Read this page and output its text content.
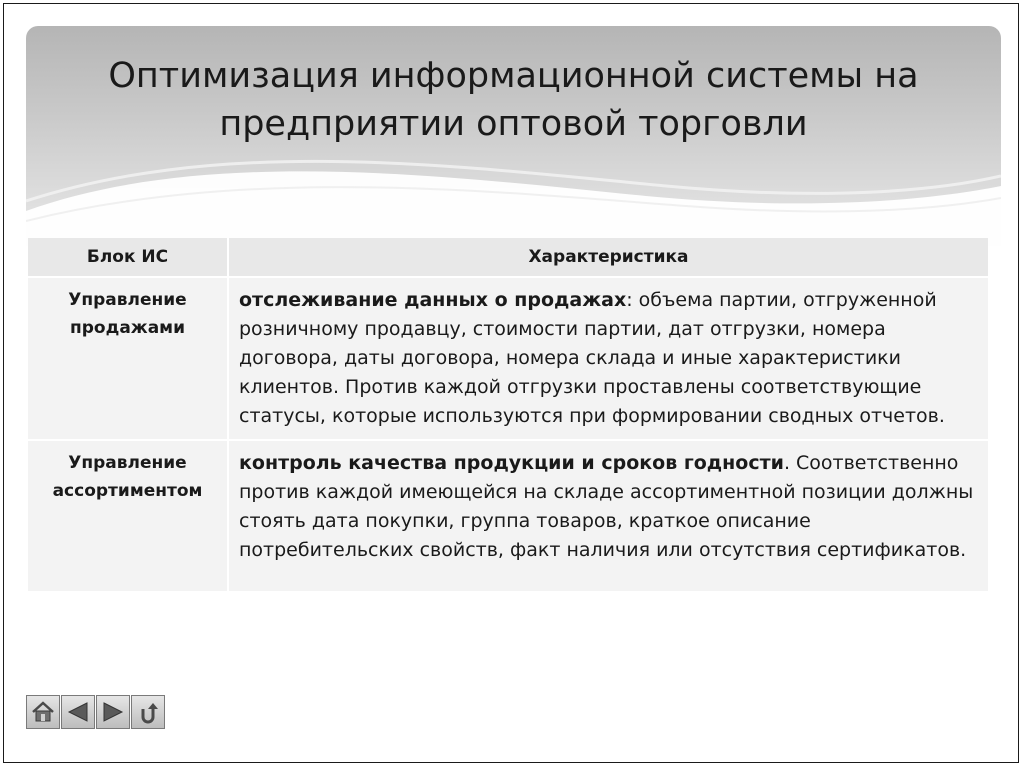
Оптимизация информационной системы на
предприятии оптовой торговли
Блок ИС	Характеристика

Управление
продажами	отслеживание данных о продажах: объема партии, отгруженной розничному продавцу, стоимости партии, дат отгрузки, номера договора, даты договора, номера склада и иные характеристики клиентов. Против каждой отгрузки проставлены соответствующие статусы, которые используются при формировании сводных отчетов.

Управление
ассортиментом	контроль качества продукции и сроков годности. Соответственно против каждой имеющейся на складе ассортиментной позиции должны стоять дата покупки, группа товаров, краткое описание потребительских свойств, факт наличия или отсутствия сертификатов.
